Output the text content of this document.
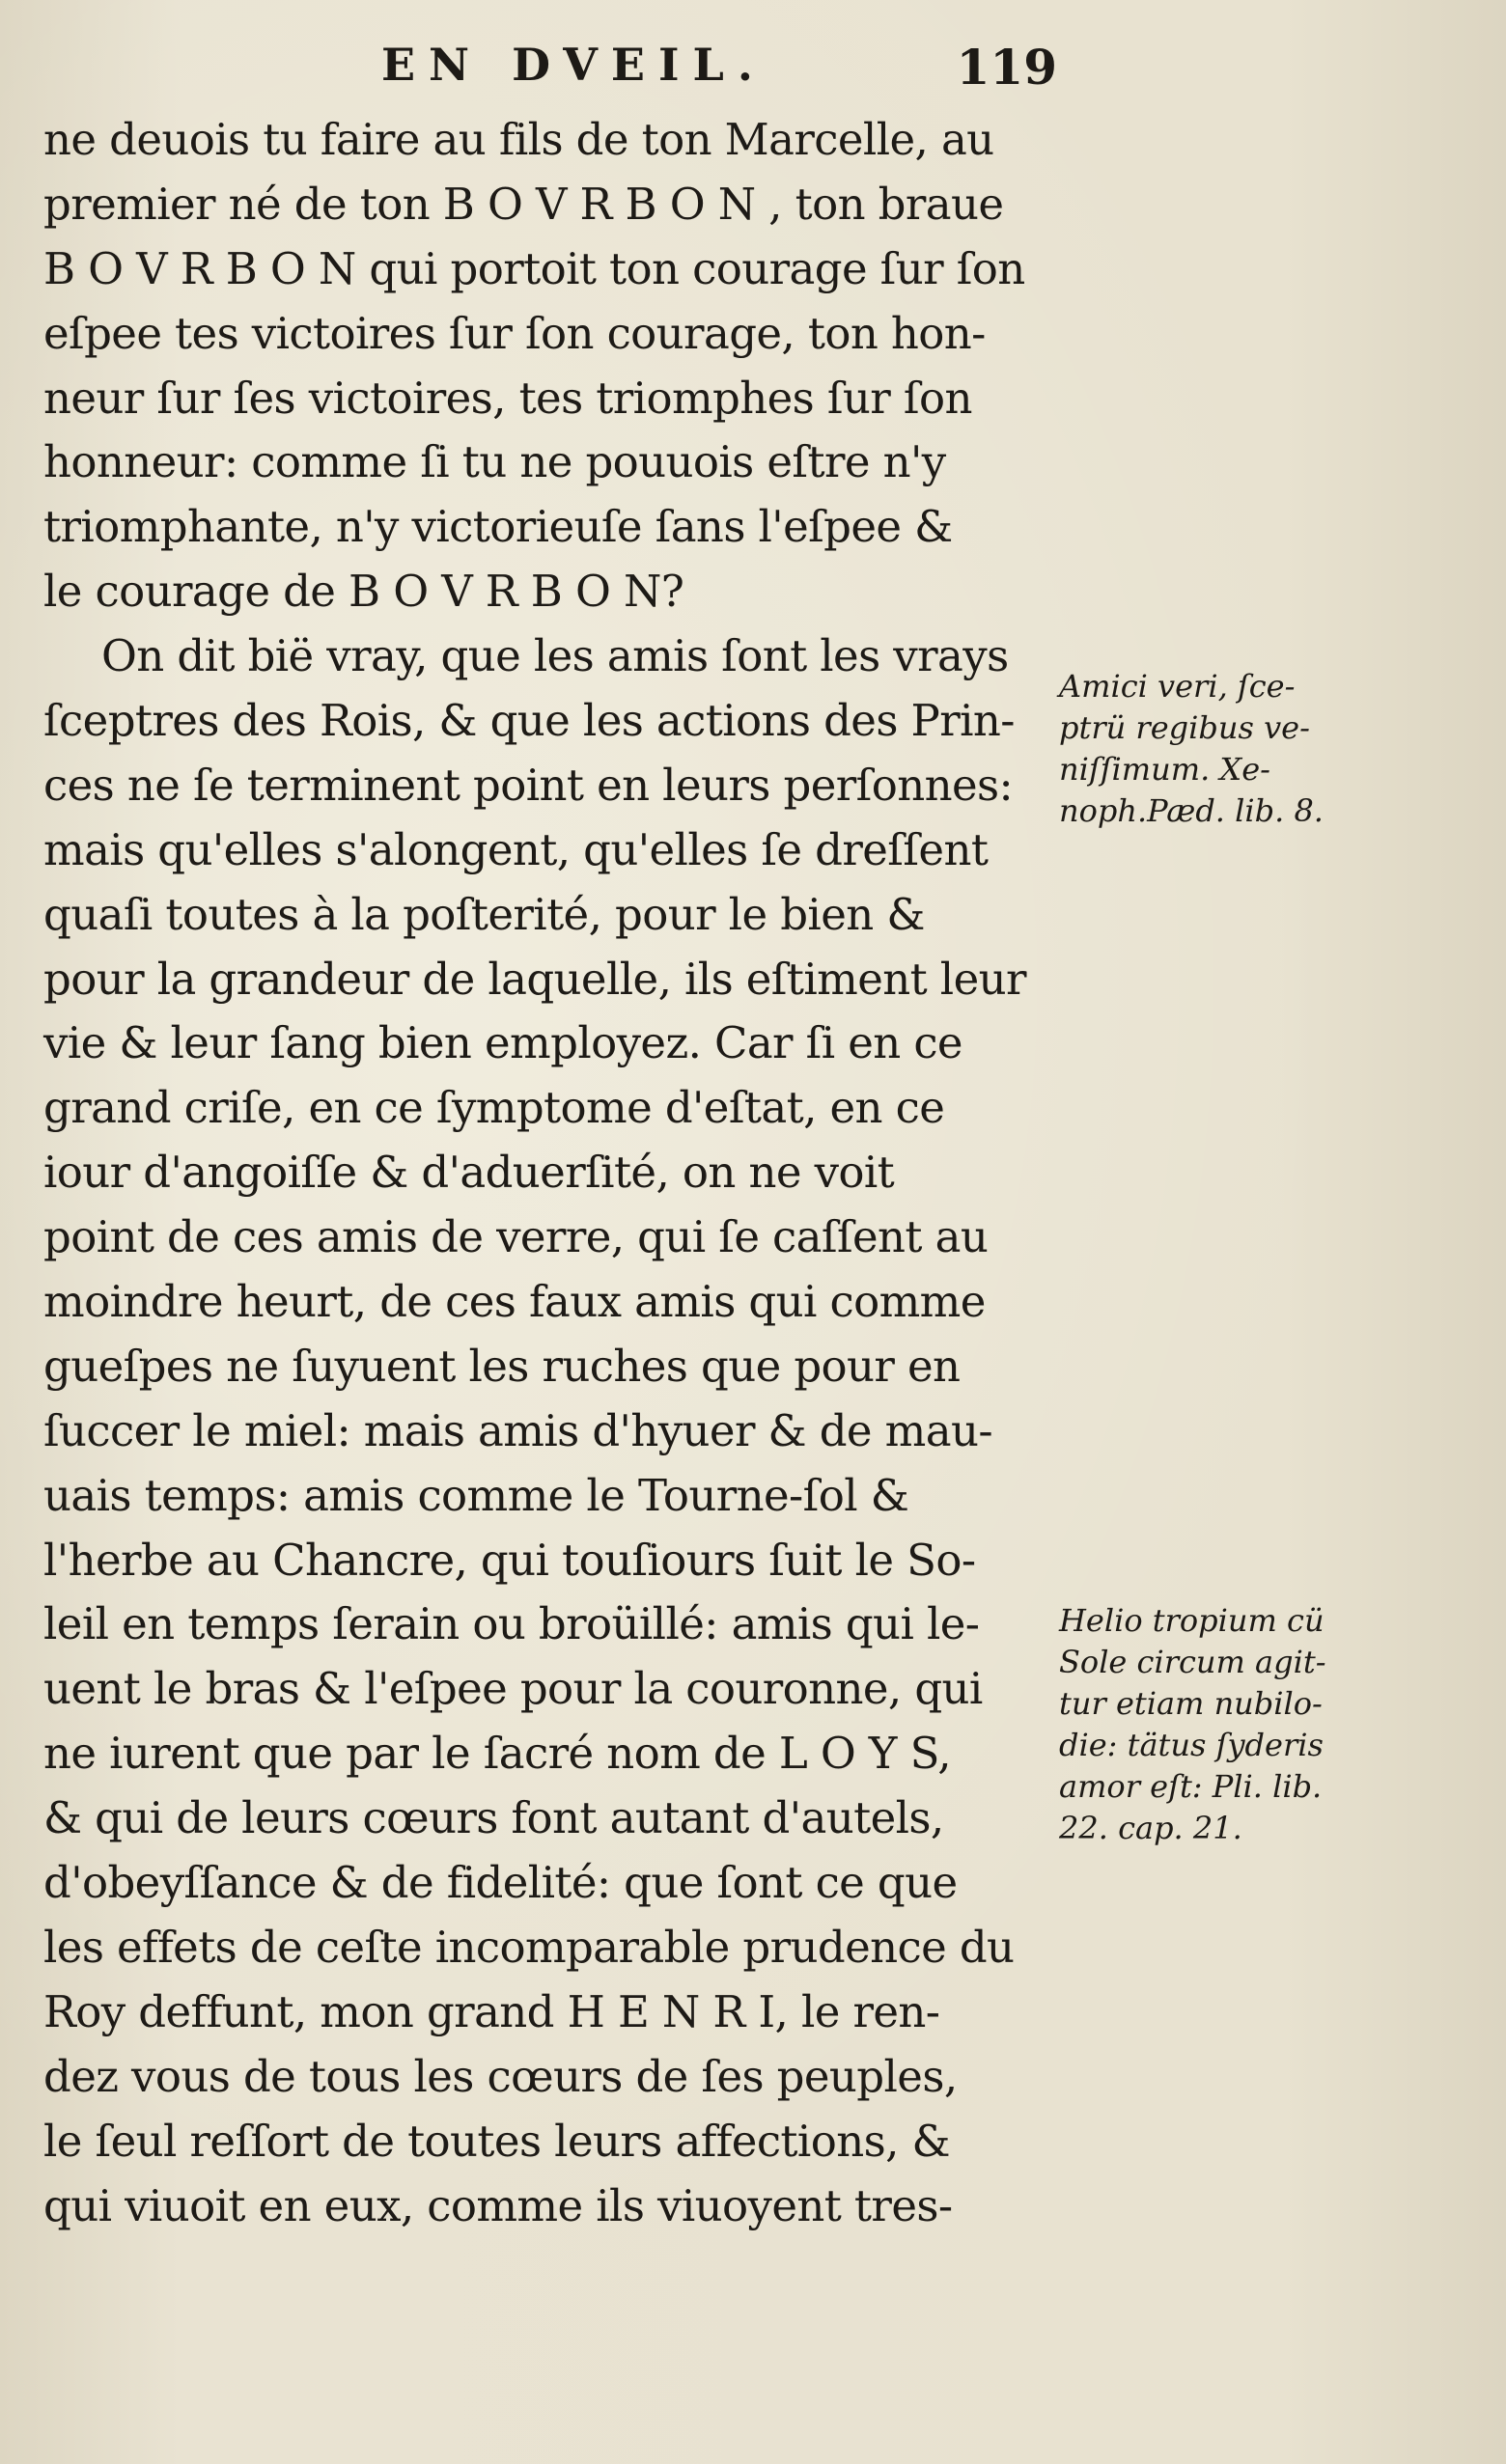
EN DVEIL.	119
ne deuois tu faire au fils de ton Marcelle, au
premier né de ton B O V R B O N , ton braue
B O V R B O N qui portoit ton courage ſur ſon
eſpee tes victoires ſur ſon courage, ton hon-
neur ſur ſes victoires, tes triomphes ſur ſon
honneur: comme ſi tu ne pouuois eſtre n'y
triomphante, n'y victorieuſe ſans l'eſpee &
le courage de B O V R B O N?
On dit bië vray, que les amis ſont les vrays
ſceptres des Rois, & que les actions des Prin-
ces ne ſe terminent point en leurs perſonnes:
mais qu'elles s'alongent, qu'elles ſe dreſſent
quaſi toutes à la poſterité, pour le bien &
pour la grandeur de laquelle, ils eſtiment leur
vie & leur ſang bien employez. Car ſi en ce
grand criſe, en ce ſymptome d'eſtat, en ce
iour d'angoiſſe & d'aduerſité, on ne voit
point de ces amis de verre, qui ſe caſſent au
moindre heurt, de ces faux amis qui comme
gueſpes ne ſuyuent les ruches que pour en
ſuccer le miel: mais amis d'hyuer & de mau-
uais temps: amis comme le Tourne-ſol &
l'herbe au Chancre, qui touſiours ſuit le So-
leil en temps ſerain ou broüillé: amis qui le-
uent le bras & l'eſpee pour la couronne, qui
ne iurent que par le ſacré nom de L O Y S,
& qui de leurs cœurs font autant d'autels,
d'obeyſſance & de fidelité: que ſont ce que
les effets de ceſte incomparable prudence du
Roy deffunt, mon grand H E N R I, le ren-
dez vous de tous les cœurs de ſes peuples,
le ſeul reſſort de toutes leurs affections, &
qui viuoit en eux, comme ils viuoyent tres-
Amici veri, ſce-
ptrü regibus ve-
niſſimum. Xe-
noph.Pæd. lib. 8.
Helio tropium cü
Sole circum agit-
tur etiam nubilo-
die: tätus ſyderis
amor eſt: Pli. lib.
22. cap. 21.
